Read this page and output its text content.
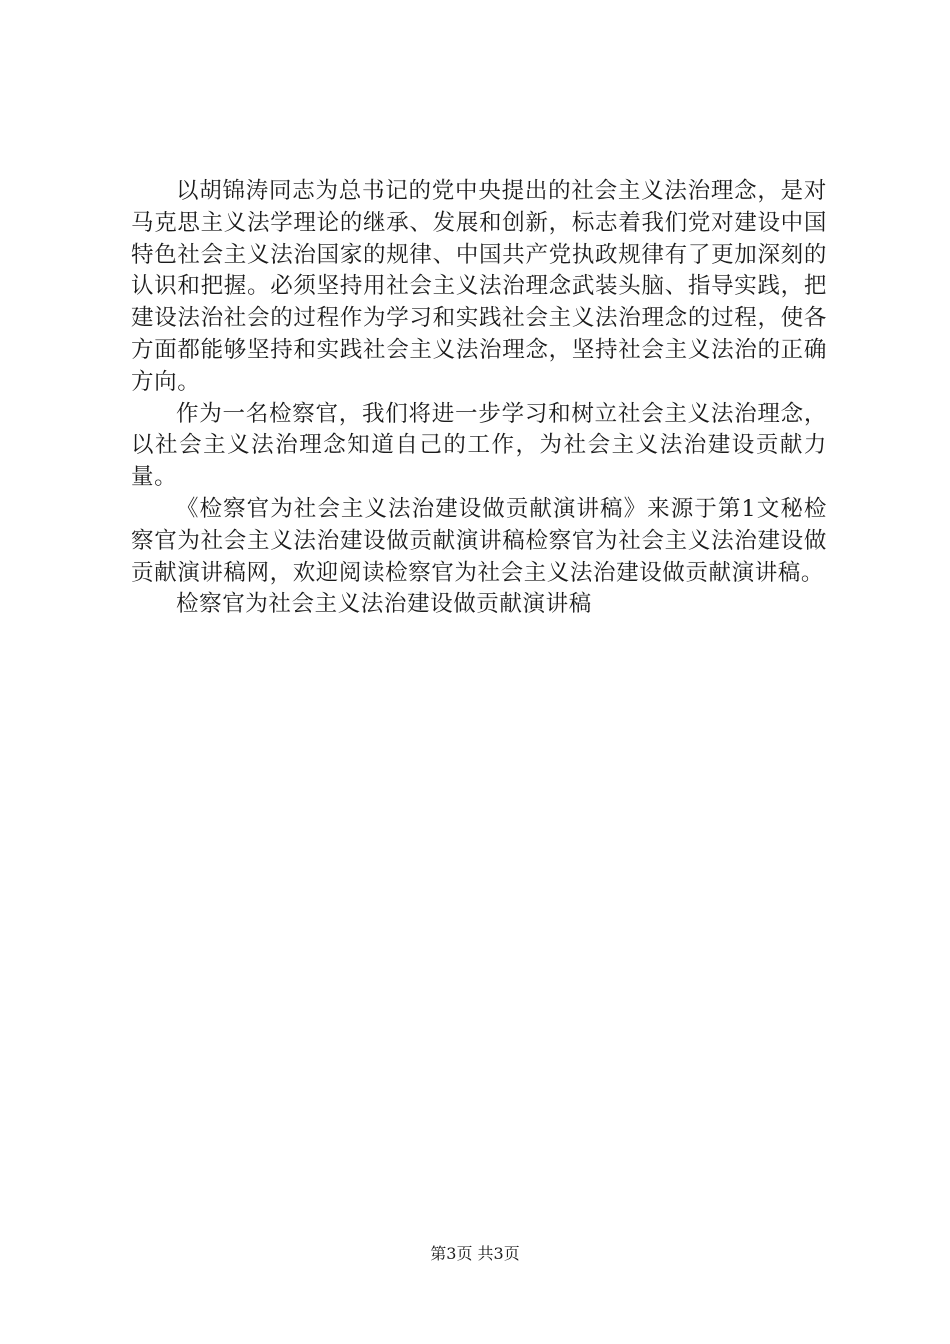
以胡锦涛同志为总书记的党中央提出的社会主义法治理念，是对马克思主义法学理论的继承、发展和创新，标志着我们党对建设中国特色社会主义法治国家的规律、中国共产党执政规律有了更加深刻的认识和把握。必须坚持用社会主义法治理念武装头脑、指导实践，把建设法治社会的过程作为学习和实践社会主义法治理念的过程，使各方面都能够坚持和实践社会主义法治理念，坚持社会主义法治的正确方向。

作为一名检察官，我们将进一步学习和树立社会主义法治理念，以社会主义法治理念知道自己的工作，为社会主义法治建设贡献力量。

《检察官为社会主义法治建设做贡献演讲稿》来源于第1文秘检察官为社会主义法治建设做贡献演讲稿检察官为社会主义法治建设做贡献演讲稿网，欢迎阅读检察官为社会主义法治建设做贡献演讲稿。

检察官为社会主义法治建设做贡献演讲稿

第3页 共3页
